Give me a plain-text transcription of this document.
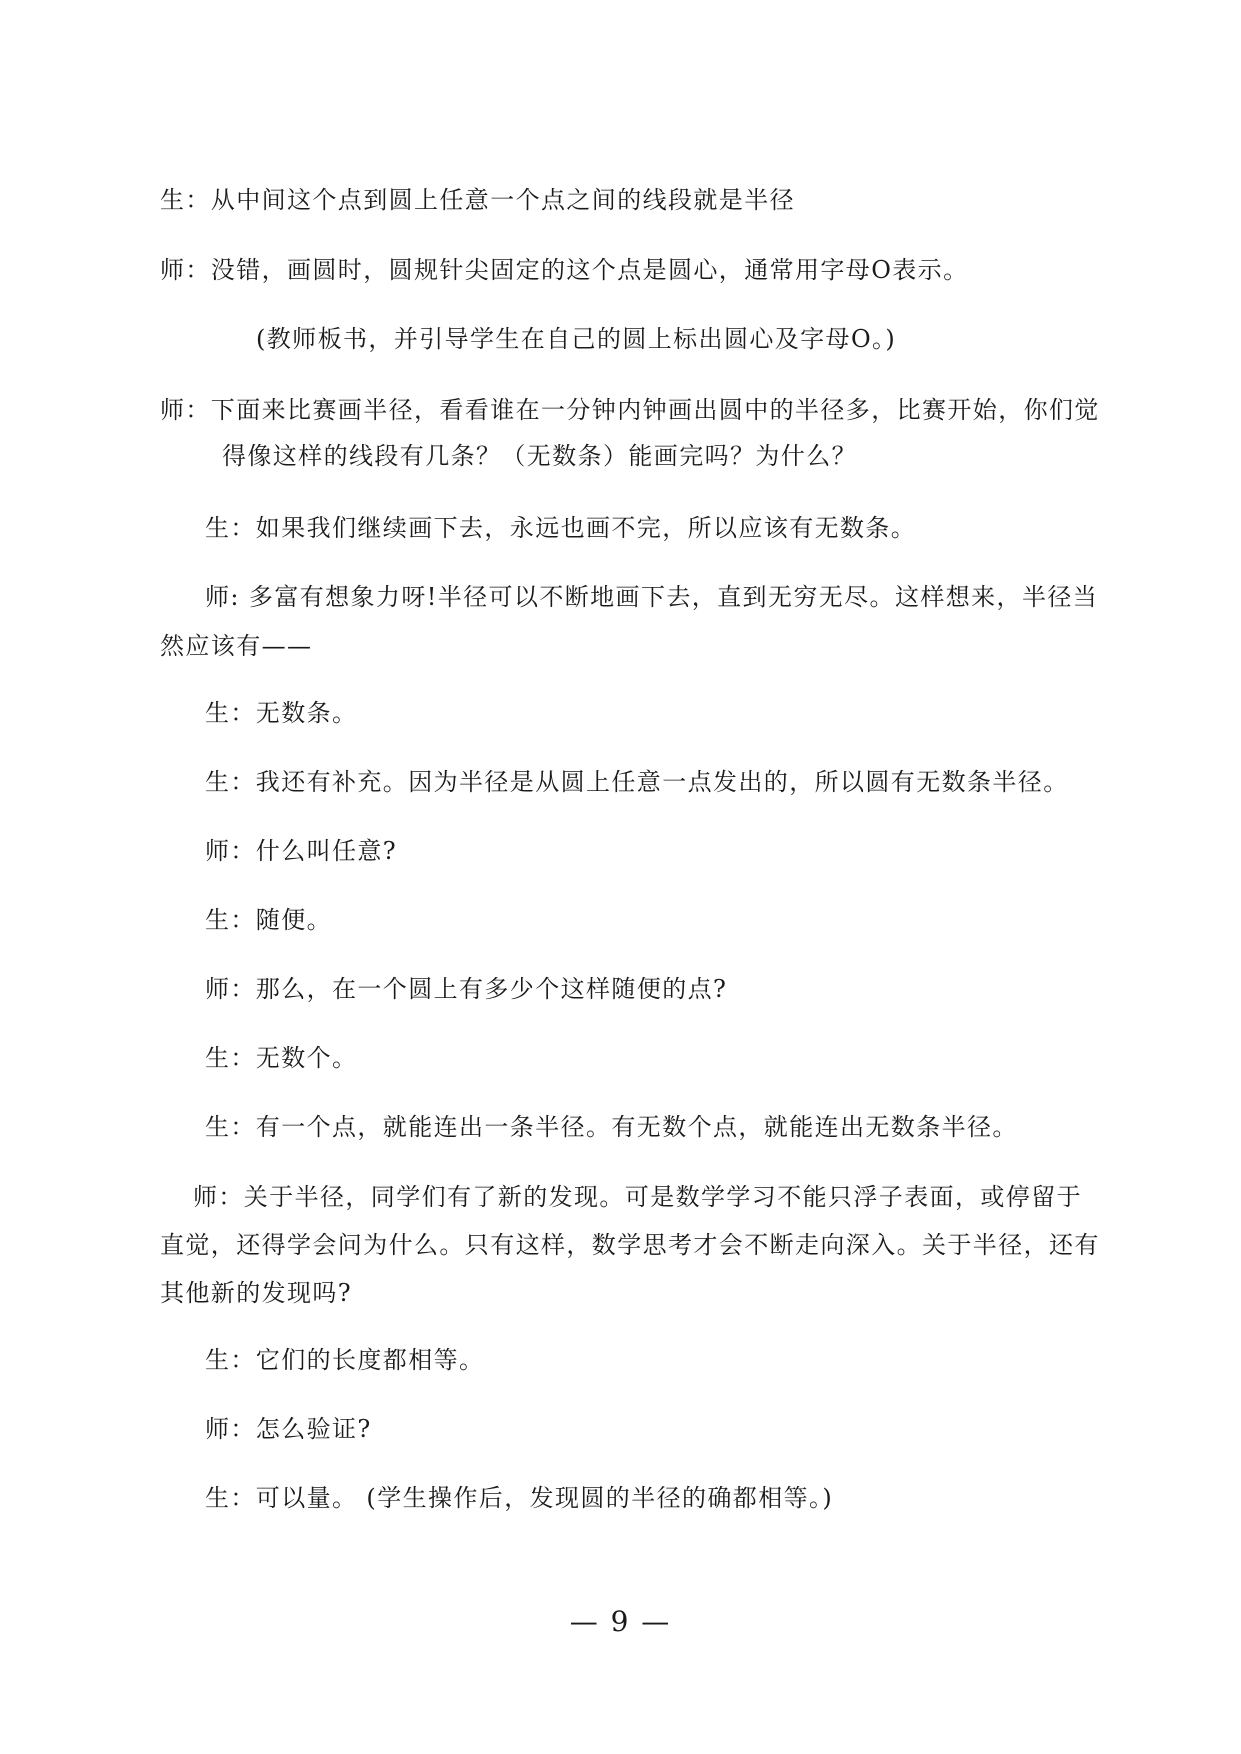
生：从中间这个点到圆上任意一个点之间的线段就是半径
师：没错，画圆时，圆规针尖固定的这个点是圆心，通常用字母O表示。
(教师板书，并引导学生在自己的圆上标出圆心及字母O。)
师：下面来比赛画半径，看看谁在一分钟内钟画出圆中的半径多，比赛开始，你们觉
得像这样的线段有几条？（无数条）能画完吗？为什么？
生：如果我们继续画下去，永远也画不完，所以应该有无数条。
师: 多富有想象力呀!半径可以不断地画下去，直到无穷无尽。这样想来，半径当
然应该有——
生：无数条。
生：我还有补充。因为半径是从圆上任意一点发出的，所以圆有无数条半径。
师：什么叫任意?
生：随便。
师：那么，在一个圆上有多少个这样随便的点?
生：无数个。
生：有一个点，就能连出一条半径。有无数个点，就能连出无数条半径。
师：关于半径，同学们有了新的发现。可是数学学习不能只浮子表面，或停留于
直觉，还得学会问为什么。只有这样，数学思考才会不断走向深入。关于半径，还有
其他新的发现吗?
生：它们的长度都相等。
师：怎么验证?
生：可以量。 (学生操作后，发现圆的半径的确都相等。)
— 9 —
